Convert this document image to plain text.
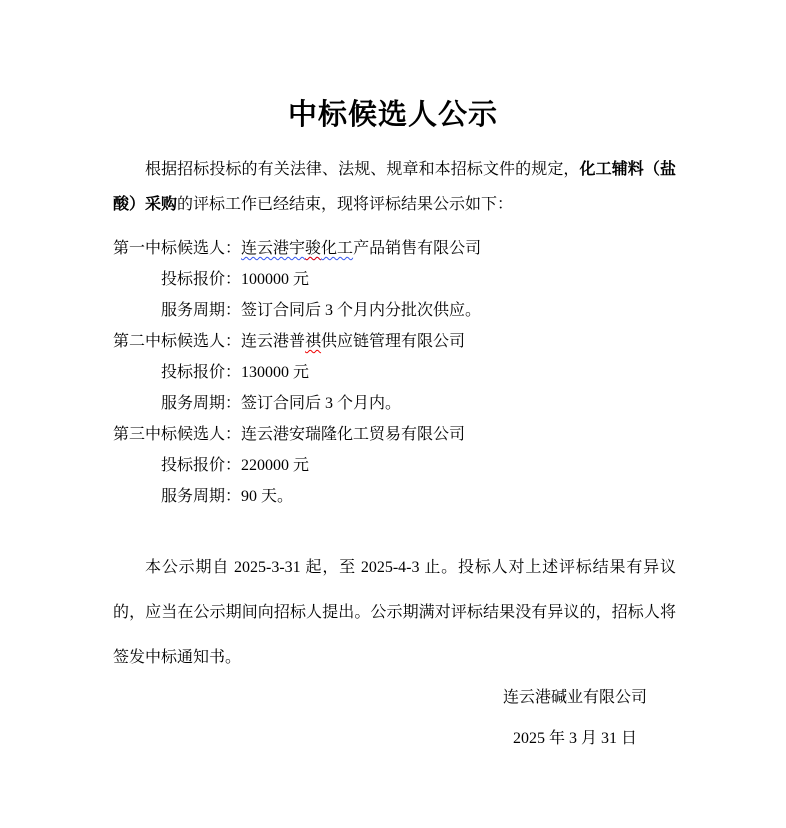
中标候选人公示

根据招标投标的有关法律、法规、规章和本招标文件的规定，化工辅料（盐酸）采购的评标工作已经结束，现将评标结果公示如下：

第一中标候选人：连云港宇骏化工产品销售有限公司
投标报价：100000 元
服务周期：签订合同后 3 个月内分批次供应。
第二中标候选人：连云港普祺供应链管理有限公司
投标报价：130000 元
服务周期：签订合同后 3 个月内。
第三中标候选人：连云港安瑞隆化工贸易有限公司
投标报价：220000 元
服务周期：90 天。

本公示期自 2025-3-31 起，至 2025-4-3 止。投标人对上述评标结果有异议的，应当在公示期间向招标人提出。公示期满对评标结果没有异议的，招标人将签发中标通知书。

连云港碱业有限公司
2025 年 3 月 31 日
